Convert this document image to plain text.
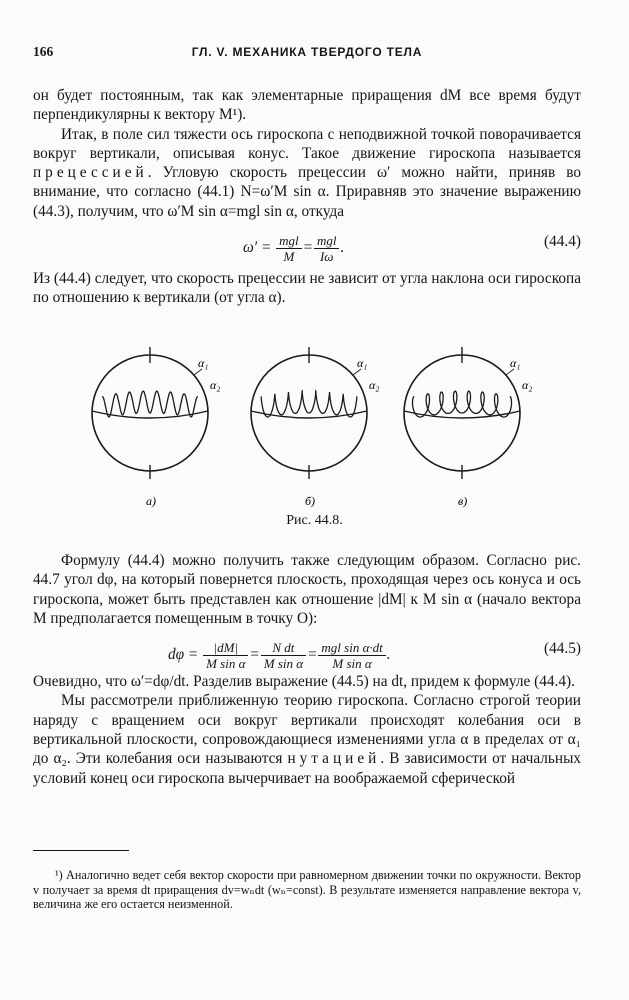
166	ГЛ. V. МЕХАНИКА ТВЕРДОГО ТЕЛА

он будет постоянным, так как элементарные приращения dM все время будут перпендикулярны к вектору M¹).

Итак, в поле сил тяжести ось гироскопа с неподвижной точкой поворачивается вокруг вертикали, описывая конус. Такое движение гироскопа называется прецессией. Угловую скорость прецессии ω′ можно найти, приняв во внимание, что согласно (44.1) N=ω′M sin α. Приравняв это значение выражению (44.3), получим, что ω′M sin α=mgl sin α, откуда

ω′ = mgl
M
= mgl
Iω
.	(44.4)

Из (44.4) следует, что скорость прецессии не зависит от угла наклона оси гироскопа по отношению к вертикали (от угла α).

α₁
α₂
а)
α₁
α₂
б)
α₁
α₂
в)
Рис. 44.8.

Формулу (44.4) можно получить также следующим образом. Согласно рис. 44.7 угол dφ, на который повернется плоскость, проходящая через ось конуса и ось гироскопа, может быть представлен как отношение |dM| к M sin α (начало вектора M предполагается помещенным в точку O):

$d\varphi = \frac{|dM|}{\text{M sin α}} = \frac{\text{N dt}}{\text{M sin α}}$ = mgl sin α·dt
M sin α
.	(44.5)

Очевидно, что ω′=dφ/dt. Разделив выражение (44.5) на dt, придем к формуле (44.4).

Мы рассмотрели приближенную теорию гироскопа. Согласно строгой теории наряду с вращением оси вокруг вертикали происходят колебания оси в вертикальной плоскости, сопровождающиеся изменениями угла α в пределах от α₁ до α₂. Эти колебания оси называются нутацией. В зависимости от начальных условий конец оси гироскопа вычерчивает на воображаемой сферической

¹) Аналогично ведет себя вектор скорости при равномерном движении точки по окружности. Вектор v получает за время dt приращения dv=wₙdt (wₙ=const). В результате изменяется направление вектора v, величина же его остается неизменной.
